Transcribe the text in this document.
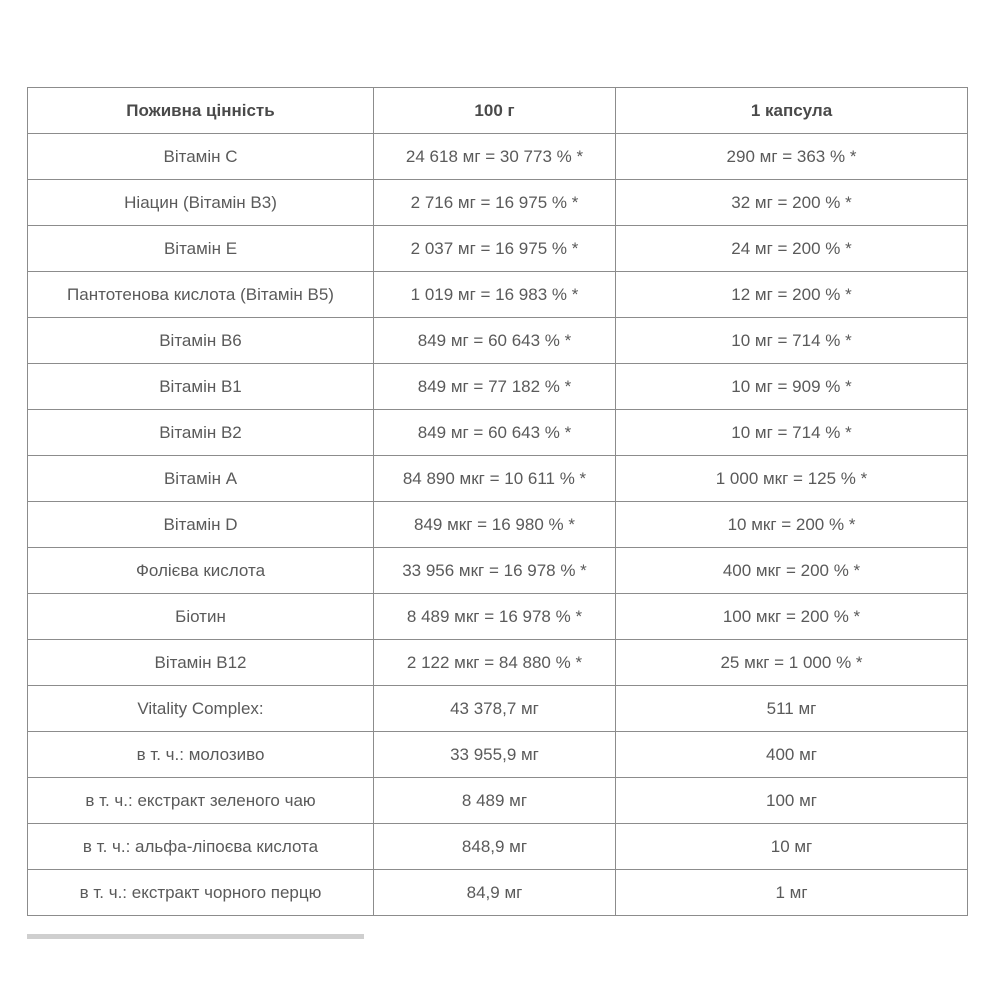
Поживна цінність	100 г	1 капсула
Вітамін С	24 618 мг = 30 773 % *	290 мг = 363 % *
Ніацин (Вітамін В3)	2 716 мг = 16 975 % *	32 мг = 200 % *
Вітамін Е	2 037 мг = 16 975 % *	24 мг = 200 % *
Пантотенова кислота (Вітамін В5)	1 019 мг = 16 983 % *	12 мг = 200 % *
Вітамін В6	849 мг = 60 643 % *	10 мг = 714 % *
Вітамін В1	849 мг = 77 182 % *	10 мг = 909 % *
Вітамін В2	849 мг = 60 643 % *	10 мг = 714 % *
Вітамін А	84 890 мкг = 10 611 % *	1 000 мкг = 125 % *
Вітамін D	849 мкг = 16 980 % *	10 мкг = 200 % *
Фолієва кислота	33 956 мкг = 16 978 % *	400 мкг = 200 % *
Біотин	8 489 мкг = 16 978 % *	100 мкг = 200 % *
Вітамін В12	2 122 мкг = 84 880 % *	25 мкг = 1 000 % *
Vitality Complex:	43 378,7 мг	511 мг
в т. ч.: молозиво	33 955,9 мг	400 мг
в т. ч.: екстракт зеленого чаю	8 489 мг	100 мг
в т. ч.: альфа-ліпоєва кислота	848,9 мг	10 мг
в т. ч.: екстракт чорного перцю	84,9 мг	1 мг
